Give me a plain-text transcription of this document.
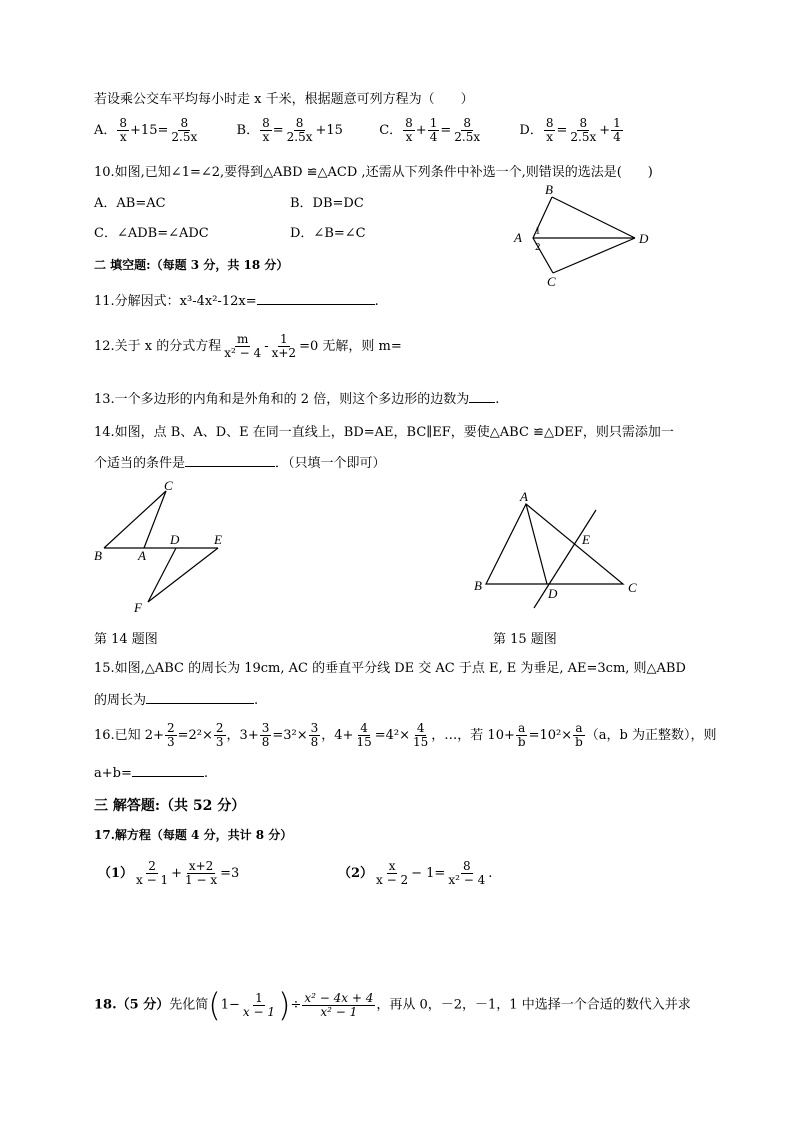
若设乘公交车平均每小时走 x 千米，根据题意可列方程为（　　）
A． $\frac{8}{x} +15= \frac{8}{2.5x}$	B． $\frac{8}{x} = \frac{8}{2.5x} +15$	C． $\frac{8}{x} + \frac{1}{4} = \frac{8}{2.5x}$	D． $\frac{8}{x} = \frac{8}{2.5x} + \frac{1}{4}$
10.如图,已知∠1=∠2,要得到△ABD ≌△ACD ,还需从下列条件中补选一个,则错误的选法是(　　)
A．AB=AC	B．DB=DC
C．∠ADB=∠ADC	D．∠B=∠C
B
A	D
C
1
2
二 填空题:（每题 3 分，共 18 分）
11.分解因式：x³-4x²-12x=	.
12.关于 x 的分式方程 $\frac{m}{\text{x² − 4}} - \frac{1}{x+2} =0$ 无解，则 m=
13.一个多边形的内角和是外角和的 2 倍，则这个多边形的边数为 .
14.如图，点 B、A、D、E 在同一直线上，BD=AE，BC∥EF，要使△ABC ≌△DEF，则只需添加一
个适当的条件是	．（只填一个即可）
B	A
D	E
C
F
A
B	C
D
E
第 14 题图	第 15 题图
15.如图,△ABC 的周长为 19cm, AC 的垂直平分线 DE 交 AC 于点 E, E 为垂足, AE=3cm, 则△ABD
的周长为	.
16.已知 $2+ \frac{2}{3} =2^2\times \frac{2}{3}$ ，$3+ \frac{3}{8} =3^2\times \frac{3}{8}$ ，$4+ \frac{4}{15} =4^2\times \frac{4}{15}$ ，…，若 $10+ \frac{a}{b} =10^2\times \frac{a}{b} (a$，b 为正整数），则
a+b=	.
三 解答题:（共 52 分）
17.解方程（每题 4 分，共计 8 分）
$(1) \frac{2}{x - 1} + \frac{x+2}{1 - x} =3$	$(2) \frac{x}{x - 2} - 1= \frac{8}{\text{x² − 4}}$ .
18.（5 分）先化简($1- \frac{1}{x - 1}$ )÷ $\frac{\text{x² − 4x + 4}}{\text{x² − 1}}$ ，再从 0，－2，－1，1 中选择一个合适的数代入并求
